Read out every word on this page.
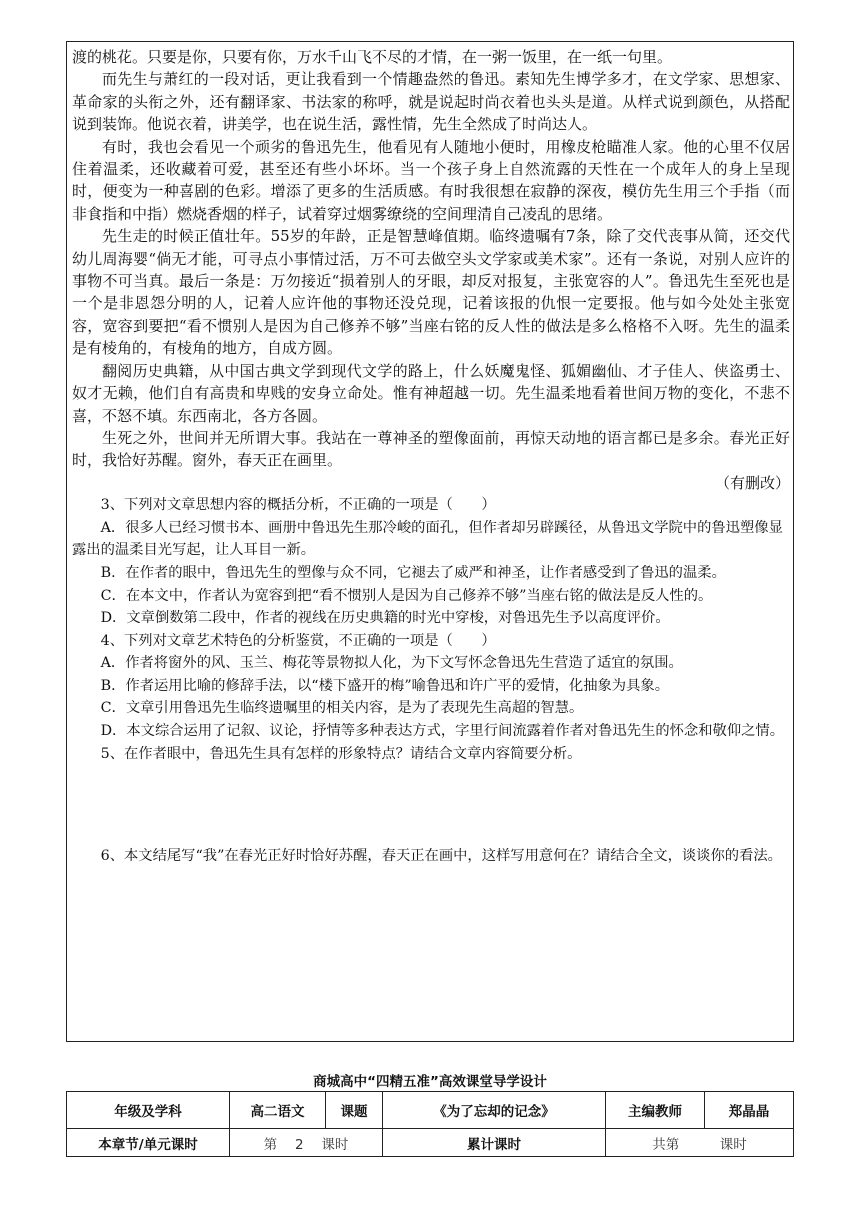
渡的桃花。只要是你，只要有你，万水千山飞不尽的才情，在一粥一饭里，在一纸一句里。

而先生与萧红的一段对话，更让我看到一个情趣盎然的鲁迅。素知先生博学多才，在文学家、思想家、革命家的头衔之外，还有翻译家、书法家的称呼，就是说起时尚衣着也头头是道。从样式说到颜色，从搭配说到装饰。他说衣着，讲美学，也在说生活，露性情，先生全然成了时尚达人。

有时，我也会看见一个顽劣的鲁迅先生，他看见有人随地小便时，用橡皮枪瞄准人家。他的心里不仅居住着温柔，还收藏着可爱，甚至还有些小坏坏。当一个孩子身上自然流露的天性在一个成年人的身上呈现时，便变为一种喜剧的色彩。增添了更多的生活质感。有时我很想在寂静的深夜，模仿先生用三个手指（而非食指和中指）燃烧香烟的样子，试着穿过烟雾缭绕的空间理清自己凌乱的思绪。

先生走的时候正值壮年。55岁的年龄，正是智慧峰值期。临终遗嘱有7条，除了交代丧事从简，还交代幼儿周海婴“倘无才能，可寻点小事情过活，万不可去做空头文学家或美术家”。还有一条说，对别人应许的事物不可当真。最后一条是：万勿接近“损着别人的牙眼，却反对报复，主张宽容的人”。鲁迅先生至死也是一个是非恩怨分明的人，记着人应许他的事物还没兑现，记着该报的仇恨一定要报。他与如今处处主张宽容，宽容到要把“看不惯别人是因为自己修养不够”当座右铭的反人性的做法是多么格格不入呀。先生的温柔是有棱角的，有棱角的地方，自成方圆。

翻阅历史典籍，从中国古典文学到现代文学的路上，什么妖魔鬼怪、狐媚幽仙、才子佳人、侠盗勇士、奴才无赖，他们自有高贵和卑贱的安身立命处。惟有神超越一切。先生温柔地看着世间万物的变化，不悲不喜，不怒不填。东西南北，各方各圆。

生死之外，世间并无所谓大事。我站在一尊神圣的塑像面前，再惊天动地的语言都已是多余。春光正好时，我恰好苏醒。窗外，春天正在画里。

（有删改）

3、下列对文章思想内容的概括分析，不正确的一项是（　　）

A．很多人已经习惯书本、画册中鲁迅先生那冷峻的面孔，但作者却另辟蹊径，从鲁迅文学院中的鲁迅塑像显露出的温柔目光写起，让人耳目一新。

B．在作者的眼中，鲁迅先生的塑像与众不同，它褪去了威严和神圣，让作者感受到了鲁迅的温柔。

C．在本文中，作者认为宽容到把“看不惯别人是因为自己修养不够”当座右铭的做法是反人性的。

D．文章倒数第二段中，作者的视线在历史典籍的时光中穿梭，对鲁迅先生予以高度评价。

4、下列对文章艺术特色的分析鉴赏，不正确的一项是（　　）

A．作者将窗外的风、玉兰、梅花等景物拟人化，为下文写怀念鲁迅先生营造了适宜的氛围。

B．作者运用比喻的修辞手法，以“楼下盛开的梅”喻鲁迅和许广平的爱情，化抽象为具象。

C．文章引用鲁迅先生临终遗嘱里的相关内容，是为了表现先生高超的智慧。

D．本文综合运用了记叙、议论，抒情等多种表达方式，字里行间流露着作者对鲁迅先生的怀念和敬仰之情。

5、在作者眼中，鲁迅先生具有怎样的形象特点？请结合文章内容简要分析。

6、本文结尾写“我”在春光正好时恰好苏醒，春天正在画中，这样写用意何在？请结合全文，谈谈你的看法。

商城高中“四精五准”高效课堂导学设计
年级及学科	高二语文	课题	《为了忘却的记念》	主编教师	郑晶晶
本章节/单元课时	第　 2　 课时		累计课时	共第　　　课时	
